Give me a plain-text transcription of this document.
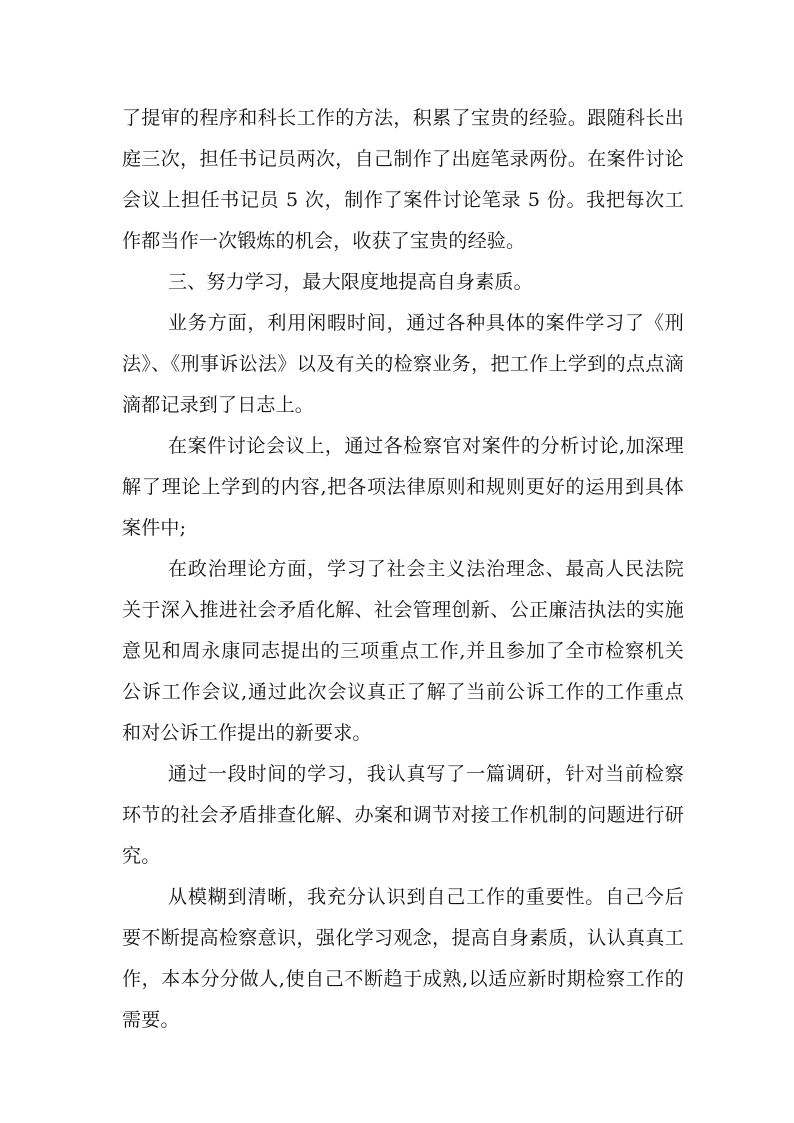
了提审的程序和科长工作的方法，积累了宝贵的经验。跟随科长出庭三次，担任书记员两次，自己制作了出庭笔录两份。在案件讨论会议上担任书记员 5 次，制作了案件讨论笔录 5 份。我把每次工作都当作一次锻炼的机会，收获了宝贵的经验。

三、努力学习，最大限度地提高自身素质。

业务方面，利用闲暇时间，通过各种具体的案件学习了《刑法》、《刑事诉讼法》以及有关的检察业务，把工作上学到的点点滴滴都记录到了日志上。

在案件讨论会议上，通过各检察官对案件的分析讨论,加深理解了理论上学到的内容,把各项法律原则和规则更好的运用到具体案件中;

在政治理论方面，学习了社会主义法治理念、最高人民法院关于深入推进社会矛盾化解、社会管理创新、公正廉洁执法的实施意见和周永康同志提出的三项重点工作,并且参加了全市检察机关公诉工作会议,通过此次会议真正了解了当前公诉工作的工作重点和对公诉工作提出的新要求。

通过一段时间的学习，我认真写了一篇调研，针对当前检察环节的社会矛盾排查化解、办案和调节对接工作机制的问题进行研究。

从模糊到清晰，我充分认识到自己工作的重要性。自己今后要不断提高检察意识，强化学习观念，提高自身素质，认认真真工作，本本分分做人,使自己不断趋于成熟,以适应新时期检察工作的需要。
